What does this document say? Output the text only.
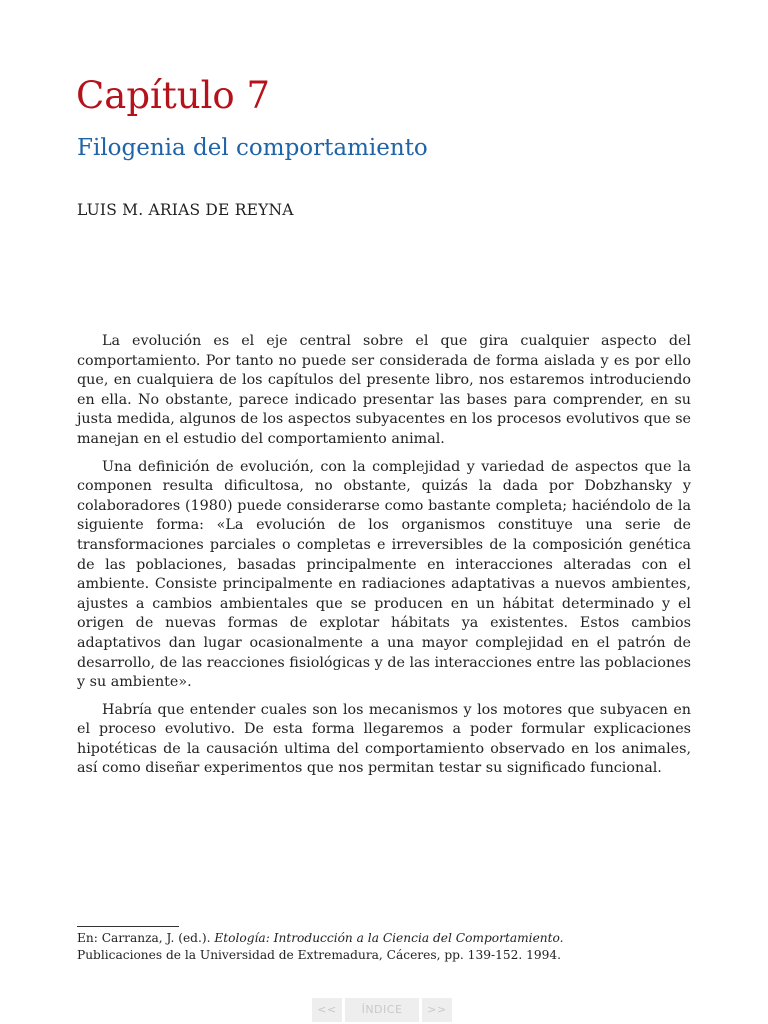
Capítulo 7
Filogenia del comportamiento
LUIS M. ARIAS DE REYNA

La evolución es el eje central sobre el que gira cualquier aspecto del comportamiento. Por tanto no puede ser considerada de forma aislada y es por ello que, en cualquiera de los capítulos del presente libro, nos estaremos introduciendo en ella. No obstante, parece indicado presentar las bases para comprender, en su justa medida, algunos de los aspectos subyacentes en los procesos evolutivos que se manejan en el estudio del comportamiento animal.

Una definición de evolución, con la complejidad y variedad de aspectos que la componen resulta dificultosa, no obstante, quizás la dada por Dobzhansky y colaboradores (1980) puede considerarse como bastante completa; haciéndolo de la siguiente forma: «La evolución de los organismos constituye una serie de transformaciones parciales o completas e irreversibles de la composición genética de las poblaciones, basadas principalmente en interacciones alteradas con el ambiente. Consiste principalmente en radiaciones adaptativas a nuevos ambientes, ajustes a cambios ambientales que se producen en un hábitat determinado y el origen de nuevas formas de explotar hábitats ya existentes. Estos cambios adaptativos dan lugar ocasionalmente a una mayor complejidad en el patrón de desarrollo, de las reacciones fisiológicas y de las interacciones entre las poblaciones y su ambiente».

Habría que entender cuales son los mecanismos y los motores que subyacen en el proceso evolutivo. De esta forma llegaremos a poder formular explicaciones hipotéticas de la causación ultima del comportamiento observado en los animales, así como diseñar experimentos que nos permitan testar su significado funcional.

En: Carranza, J. (ed.). Etología: Introducción a la Ciencia del Comportamiento.
Publicaciones de la Universidad de Extremadura, Cáceres, pp. 139-152. 1994.
<<	ÍNDICE	>>
